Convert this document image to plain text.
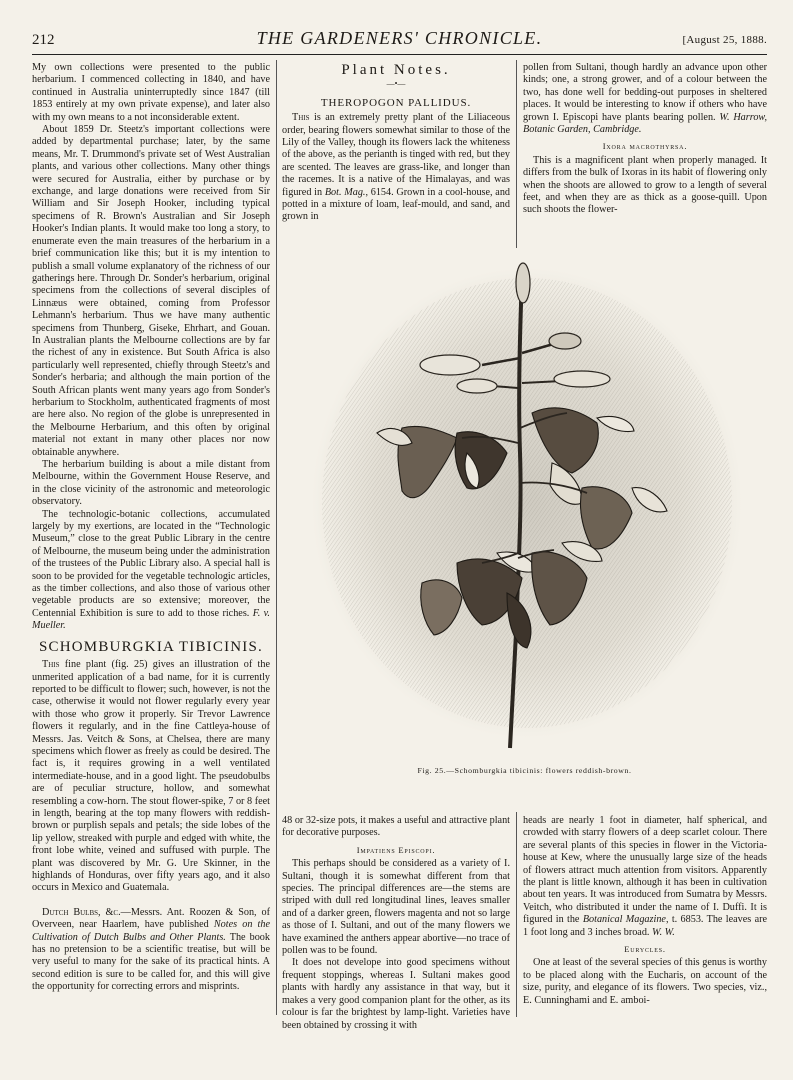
212	THE GARDENERS' CHRONICLE.	[August 25, 1888.

My own collections were presented to the public herbarium. I commenced collecting in 1840, and have continued in Australia uninterruptedly since 1847 (till 1853 entirely at my own private expense), and later also with my own means to a not inconsiderable extent.

About 1859 Dr. Steetz's important collections were added by departmental purchase; later, by the same means, Mr. T. Drummond's private set of West Australian plants, and various other collections. Many other things were secured for Australia, either by purchase or by exchange, and large donations were received from Sir William and Sir Joseph Hooker, including typical specimens of R. Brown's Australian and Sir Joseph Hooker's Indian plants. It would make too long a story, to enumerate even the main treasures of the herbarium in a brief communication like this; but it is my intention to publish a small volume explanatory of the richness of our gatherings here. Through Dr. Sonder's herbarium, original specimens from the collections of several disciples of Linnæus were obtained, coming from Professor Lehmann's herbarium. Thus we have many authentic specimens from Thunberg, Giseke, Ehrhart, and Gouan. In Australian plants the Melbourne collections are by far the richest of any in existence. But South Africa is also particularly well represented, chiefly through Steetz's and Sonder's herbaria; and although the main portion of the South African plants went many years ago from Sonder's herbarium to Stockholm, authenticated fragments of most are here also. No region of the globe is unrepresented in the Melbourne Herbarium, and this often by original material not extant in many other places nor now obtainable anywhere.

The herbarium building is about a mile distant from Melbourne, within the Government House Reserve, and in the close vicinity of the astronomic and meteorologic observatory.

The technologic-botanic collections, accumulated largely by my exertions, are located in the “Technologic Museum,” close to the great Public Library in the centre of Melbourne, the museum being under the administration of the trustees of the Public Library also. A special hall is soon to be provided for the vegetable technologic articles, as the timber collections, and also those of various other vegetable products are so extensive; moreover, the Centennial Exhibition is sure to add to those riches. F. v. Mueller.

SCHOMBURGKIA TIBICINIS.

This fine plant (fig. 25) gives an illustration of the unmerited application of a bad name, for it is currently reported to be difficult to flower; such, however, is not the case, otherwise it would not flower regularly every year with those who grow it properly. Sir Trevor Lawrence flowers it regularly, and in the fine Cattleya-house of Messrs. Jas. Veitch & Sons, at Chelsea, there are many specimens which flower as freely as could be desired. The fact is, it requires growing in a well ventilated intermediate-house, and in a good light. The pseudobulbs are of peculiar structure, hollow, and somewhat resembling a cow-horn. The stout flower-spike, 7 or 8 feet in length, bearing at the top many flowers with reddish-brown or purplish sepals and petals; the side lobes of the lip yellow, streaked with purple and edged with white, the front lobe white, veined and suffused with purple. The plant was discovered by Mr. G. Ure Skinner, in the highlands of Honduras, over fifty years ago, and it also occurs in Mexico and Guatemala.

Dutch Bulbs, &c.—Messrs. Ant. Roozen & Son, of Overveen, near Haarlem, have published Notes on the Cultivation of Dutch Bulbs and Other Plants. The book has no pretension to be a scientific treatise, but will be very useful to many for the sake of its practical hints. A second edition is sure to be called for, and this will give the opportunity for correcting errors and misprints.

Plant Notes.
—•—
THEROPOGON PALLIDUS.

This is an extremely pretty plant of the Liliaceous order, bearing flowers somewhat similar to those of the Lily of the Valley, though its flowers lack the whiteness of the above, as the perianth is tinged with red, but they are scented. The leaves are grass-like, and longer than the racemes. It is a native of the Himalayas, and was figured in Bot. Mag., 6154. Grown in a cool-house, and potted in a mixture of loam, leaf-mould, and sand, and grown in

pollen from Sultani, though hardly an advance upon other kinds; one, a strong grower, and of a colour between the two, has done well for bedding-out purposes in sheltered places. It would be interesting to know if others who have grown I. Episcopi have plants bearing pollen. W. Harrow, Botanic Garden, Cambridge.

Ixora macrothyrsa.

This is a magnificent plant when properly managed. It differs from the bulk of Ixoras in its habit of flowering only when the shoots are allowed to grow to a length of several feet, and when they are as thick as a goose-quill. Upon such shoots the flower-

Fig. 25.—Schomburgkia tibicinis: flowers reddish-brown.

48 or 32-size pots, it makes a useful and attractive plant for decorative purposes.

Impatiens Episcopi.

This perhaps should be considered as a variety of I. Sultani, though it is somewhat different from that species. The principal differences are—the stems are striped with dull red longitudinal lines, leaves smaller and of a darker green, flowers magenta and not so large as those of I. Sultani, and out of the many flowers we have examined the anthers appear abortive—no trace of pollen was to be found.

It does not develope into good specimens without frequent stoppings, whereas I. Sultani makes good plants with hardly any assistance in that way, but it makes a very good companion plant for the other, as its colour is far the brightest by lamp-light. Varieties have been obtained by crossing it with

heads are nearly 1 foot in diameter, half spherical, and crowded with starry flowers of a deep scarlet colour. There are several plants of this species in flower in the Victoria-house at Kew, where the unusually large size of the heads of flowers attract much attention from visitors. Apparently the plant is little known, although it has been in cultivation about ten years. It was introduced from Sumatra by Messrs. Veitch, who distributed it under the name of I. Duffi. It is figured in the Botanical Magazine, t. 6853. The leaves are 1 foot long and 3 inches broad. W. W.

Eurycles.

One at least of the several species of this genus is worthy to be placed along with the Eucharis, on account of the size, purity, and elegance of its flowers. Two species, viz., E. Cunninghami and E. amboi-
